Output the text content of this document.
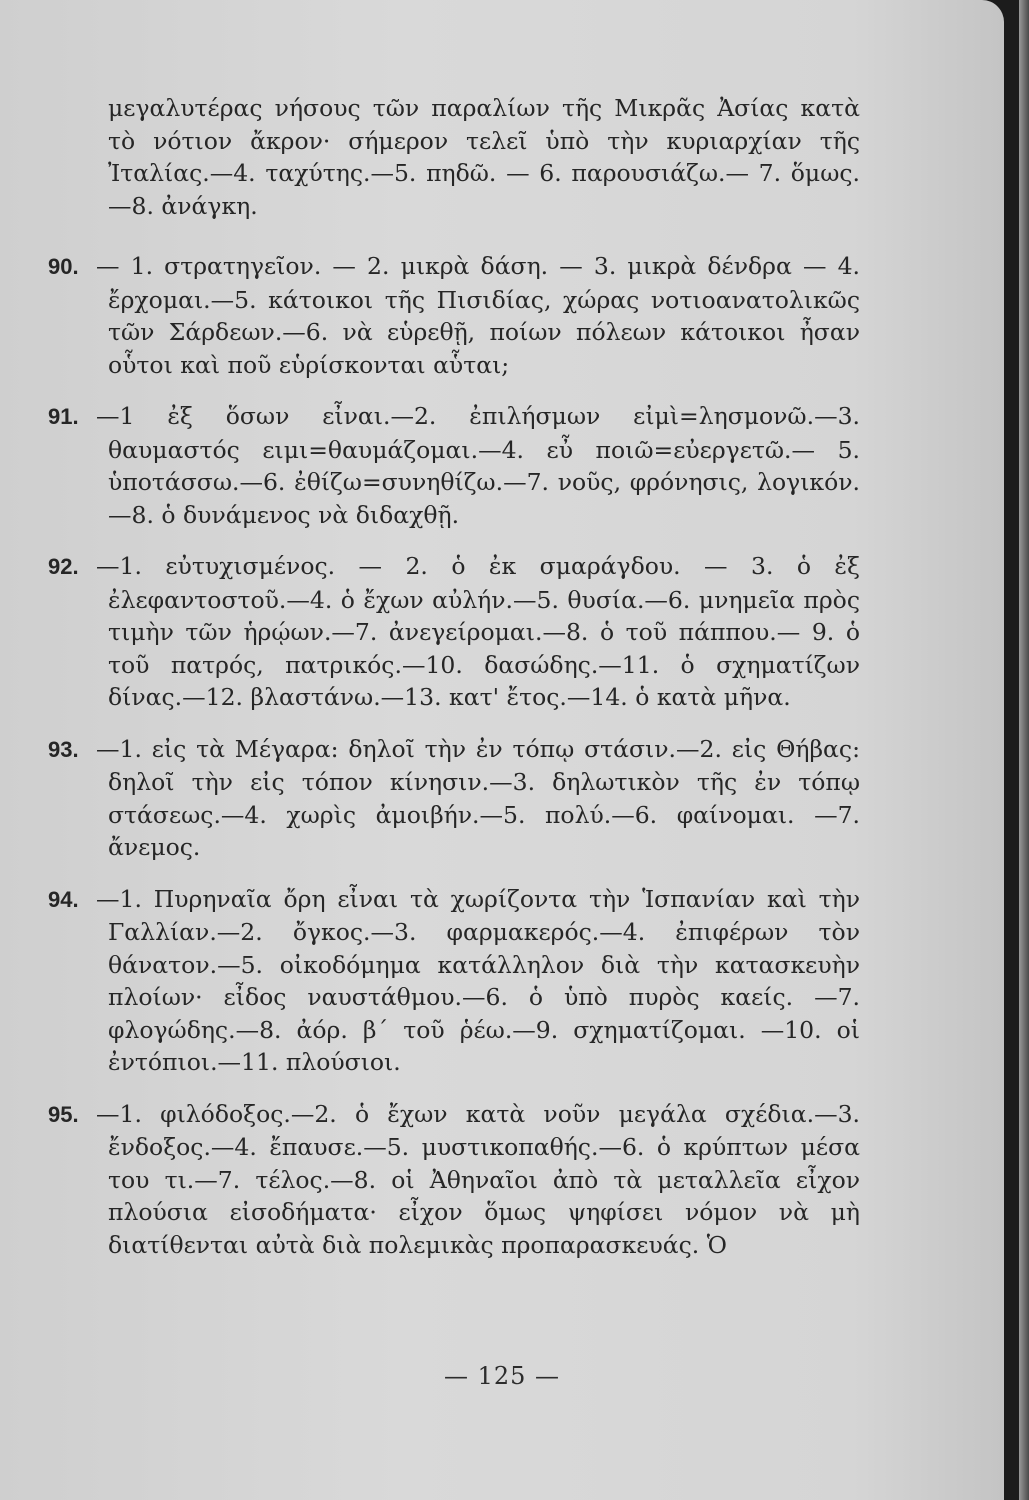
μεγαλυτέρας νήσους τῶν παραλίων τῆς Μικρᾶς Ἀσίας κατὰ τὸ νότιον ἄκρον· σήμερον τελεῖ ὑπὸ τὴν κυριαρχίαν τῆς Ἰταλίας.—4. ταχύτης.—5. πηδῶ. — 6. παρουσιάζω.— 7. ὅμως.—8. ἀνάγκη.

90. — 1. στρατηγεῖον. — 2. μικρὰ δάση. — 3. μικρὰ δένδρα — 4. ἔρχομαι.—5. κάτοικοι τῆς Πισιδίας, χώρας νοτιοανατολικῶς τῶν Σάρδεων.—6. νὰ εὑρεθῇ, ποίων πόλεων κάτοικοι ἦσαν οὗτοι καὶ ποῦ εὑρίσκονται αὗται;

91. —1 ἐξ ὅσων εἶναι.—2. ἐπιλήσμων εἰμὶ=λησμονῶ.—3. θαυμαστός ειμι=θαυμάζομαι.—4. εὖ ποιῶ=εὐεργετῶ.— 5. ὑποτάσσω.—6. ἐθίζω=συνηθίζω.—7. νοῦς, φρόνησις, λογικόν.—8. ὁ δυνάμενος νὰ διδαχθῇ.

92. —1. εὐτυχισμένος. — 2. ὁ ἐκ σμαράγδου. — 3. ὁ ἐξ ἐλεφαντοστοῦ.—4. ὁ ἔχων αὐλήν.—5. θυσία.—6. μνημεῖα πρὸς τιμὴν τῶν ἡρῴων.—7. ἀνεγείρομαι.—8. ὁ τοῦ πάππου.— 9. ὁ τοῦ πατρός, πατρικός.—10. δασώδης.—11. ὁ σχηματίζων δίνας.—12. βλαστάνω.—13. κατ' ἔτος.—14. ὁ κατὰ μῆνα.

93. —1. εἰς τὰ Μέγαρα: δηλοῖ τὴν ἐν τόπῳ στάσιν.—2. εἰς Θήβας: δηλοῖ τὴν εἰς τόπον κίνησιν.—3. δηλωτικὸν τῆς ἐν τόπῳ στάσεως.—4. χωρὶς ἀμοιβήν.—5. πολύ.—6. φαίνομαι. —7. ἄνεμος.

94. —1. Πυρηναῖα ὄρη εἶναι τὰ χωρίζοντα τὴν Ἱσπανίαν καὶ τὴν Γαλλίαν.—2. ὄγκος.—3. φαρμακερός.—4. ἐπιφέρων τὸν θάνατον.—5. οἰκοδόμημα κατάλληλον διὰ τὴν κατασκευὴν πλοίων· εἶδος ναυστάθμου.—6. ὁ ὑπὸ πυρὸς καείς. —7. φλογώδης.—8. ἀόρ. β΄ τοῦ ῥέω.—9. σχηματίζομαι. —10. οἱ ἐντόπιοι.—11. πλούσιοι.

95. —1. φιλόδοξος.—2. ὁ ἔχων κατὰ νοῦν μεγάλα σχέδια.—3. ἔνδοξος.—4. ἔπαυσε.—5. μυστικοπαθής.—6. ὁ κρύπτων μέσα του τι.—7. τέλος.—8. οἱ Ἀθηναῖοι ἀπὸ τὰ μεταλλεῖα εἶχον πλούσια εἰσοδήματα· εἶχον ὅμως ψηφίσει νόμον νὰ μὴ διατίθενται αὐτὰ διὰ πολεμικὰς προπαρασκευάς. Ὁ

— 125 —
